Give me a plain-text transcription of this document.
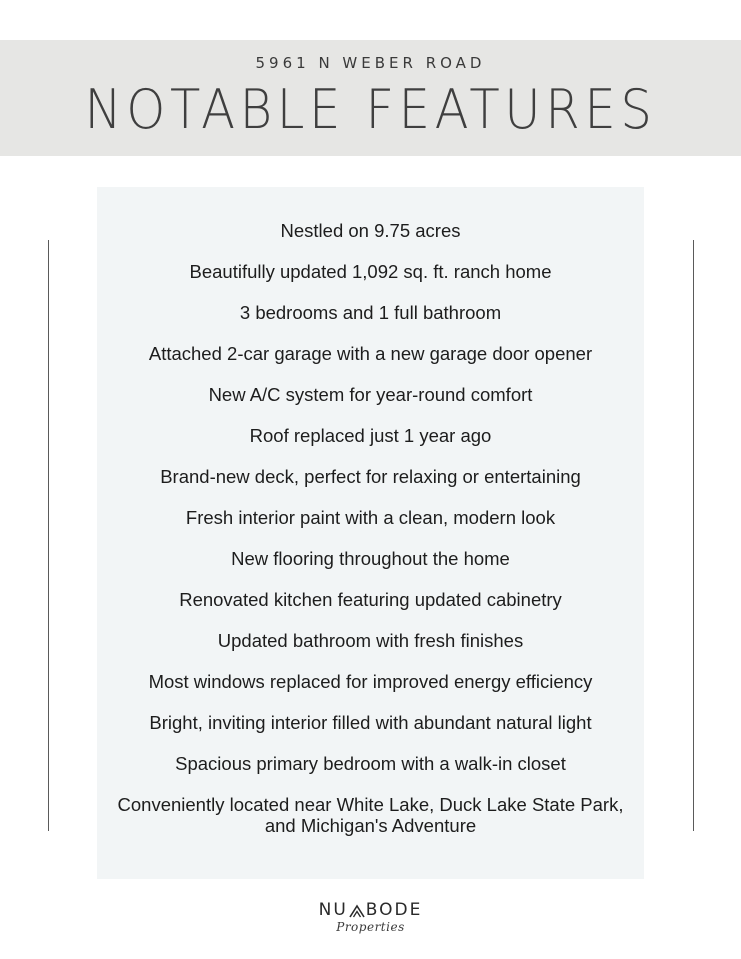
5961 N WEBER ROAD
NOTABLE FEATURES
Nestled on 9.75 acres
Beautifully updated 1,092 sq. ft. ranch home
3 bedrooms and 1 full bathroom
Attached 2-car garage with a new garage door opener
New A/C system for year-round comfort
Roof replaced just 1 year ago
Brand-new deck, perfect for relaxing or entertaining
Fresh interior paint with a clean, modern look
New flooring throughout the home
Renovated kitchen featuring updated cabinetry
Updated bathroom with fresh finishes
Most windows replaced for improved energy efficiency
Bright, inviting interior filled with abundant natural light
Spacious primary bedroom with a walk-in closet
Conveniently located near White Lake, Duck Lake State Park, and Michigan's Adventure
NU BODE
Properties
